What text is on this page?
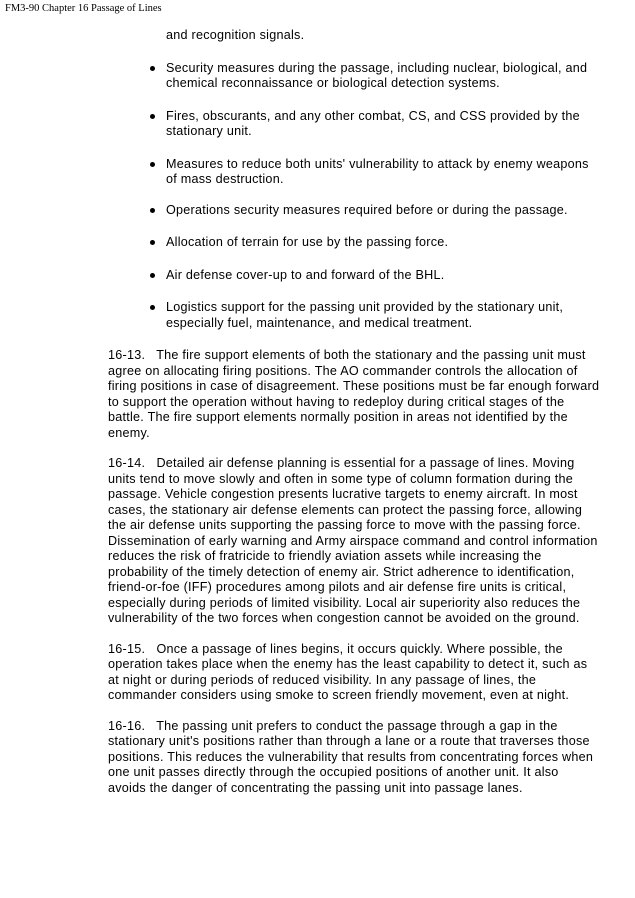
FM3-90 Chapter 16 Passage of Lines
and recognition signals.
Security measures during the passage, including nuclear, biological, and chemical reconnaissance or biological detection systems.
Fires, obscurants, and any other combat, CS, and CSS provided by the stationary unit.
Measures to reduce both units' vulnerability to attack by enemy weapons of mass destruction.
Operations security measures required before or during the passage.
Allocation of terrain for use by the passing force.
Air defense cover-up to and forward of the BHL.
Logistics support for the passing unit provided by the stationary unit, especially fuel, maintenance, and medical treatment.
16-13.   The fire support elements of both the stationary and the passing unit must agree on allocating firing positions. The AO commander controls the allocation of firing positions in case of disagreement. These positions must be far enough forward to support the operation without having to redeploy during critical stages of the battle. The fire support elements normally position in areas not identified by the enemy.
16-14.   Detailed air defense planning is essential for a passage of lines. Moving units tend to move slowly and often in some type of column formation during the passage. Vehicle congestion presents lucrative targets to enemy aircraft. In most cases, the stationary air defense elements can protect the passing force, allowing the air defense units supporting the passing force to move with the passing force. Dissemination of early warning and Army airspace command and control information reduces the risk of fratricide to friendly aviation assets while increasing the probability of the timely detection of enemy air. Strict adherence to identification, friend-or-foe (IFF) procedures among pilots and air defense fire units is critical, especially during periods of limited visibility. Local air superiority also reduces the vulnerability of the two forces when congestion cannot be avoided on the ground.
16-15.   Once a passage of lines begins, it occurs quickly. Where possible, the operation takes place when the enemy has the least capability to detect it, such as at night or during periods of reduced visibility. In any passage of lines, the commander considers using smoke to screen friendly movement, even at night.
16-16.   The passing unit prefers to conduct the passage through a gap in the stationary unit's positions rather than through a lane or a route that traverses those positions. This reduces the vulnerability that results from concentrating forces when one unit passes directly through the occupied positions of another unit. It also avoids the danger of concentrating the passing unit into passage lanes.
